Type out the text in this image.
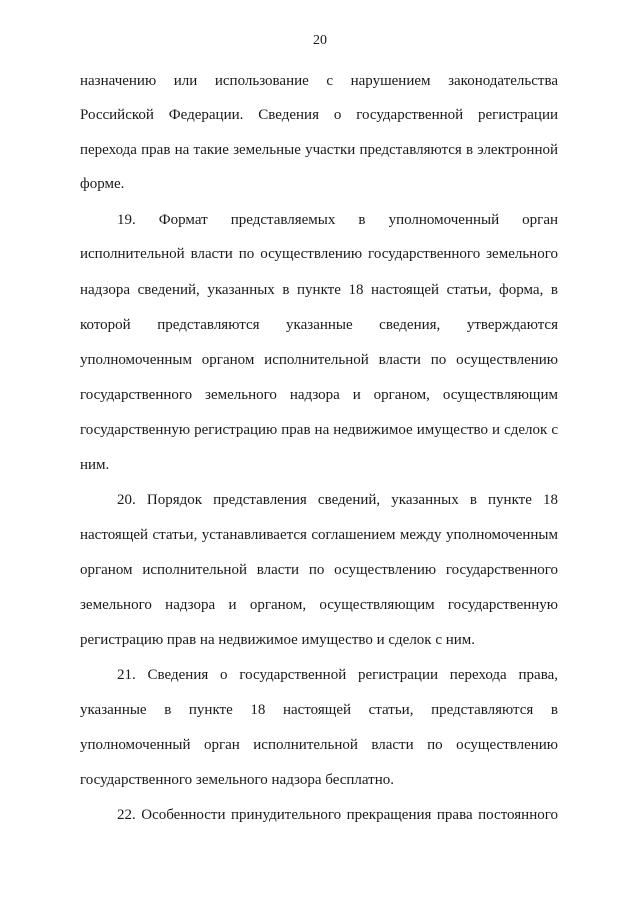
20
назначению или использование с нарушением законодательства
Российской Федерации. Сведения о государственной регистрации
перехода прав на такие земельные участки представляются в электронной
форме.
19. Формат представляемых в уполномоченный орган
исполнительной власти по осуществлению государственного земельного
надзора сведений, указанных в пункте 18 настоящей статьи, форма, в
которой представляются указанные сведения, утверждаются
уполномоченным органом исполнительной власти по осуществлению
государственного земельного надзора и органом, осуществляющим
государственную регистрацию прав на недвижимое имущество и сделок с
ним.
20. Порядок представления сведений, указанных в пункте 18
настоящей статьи, устанавливается соглашением между уполномоченным
органом исполнительной власти по осуществлению государственного
земельного надзора и органом, осуществляющим государственную
регистрацию прав на недвижимое имущество и сделок с ним.
21. Сведения о государственной регистрации перехода права,
указанные в пункте 18 настоящей статьи, представляются в
уполномоченный орган исполнительной власти по осуществлению
государственного земельного надзора бесплатно.
22. Особенности принудительного прекращения права постоянного
